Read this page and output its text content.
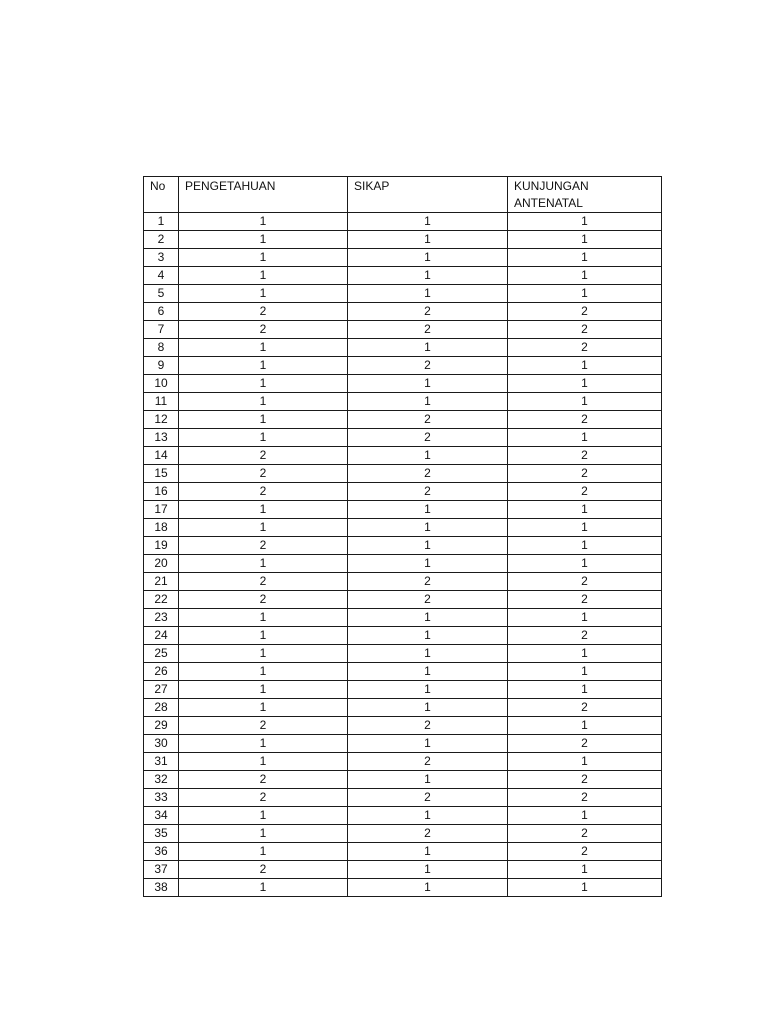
No	PENGETAHUAN	SIKAP	KUNJUNGAN ANTENATAL
1	1	1	1
2	1	1	1
3	1	1	1
4	1	1	1
5	1	1	1
6	2	2	2
7	2	2	2
8	1	1	2
9	1	2	1
10	1	1	1
11	1	1	1
12	1	2	2
13	1	2	1
14	2	1	2
15	2	2	2
16	2	2	2
17	1	1	1
18	1	1	1
19	2	1	1
20	1	1	1
21	2	2	2
22	2	2	2
23	1	1	1
24	1	1	2
25	1	1	1
26	1	1	1
27	1	1	1
28	1	1	2
29	2	2	1
30	1	1	2
31	1	2	1
32	2	1	2
33	2	2	2
34	1	1	1
35	1	2	2
36	1	1	2
37	2	1	1
38	1	1	1
